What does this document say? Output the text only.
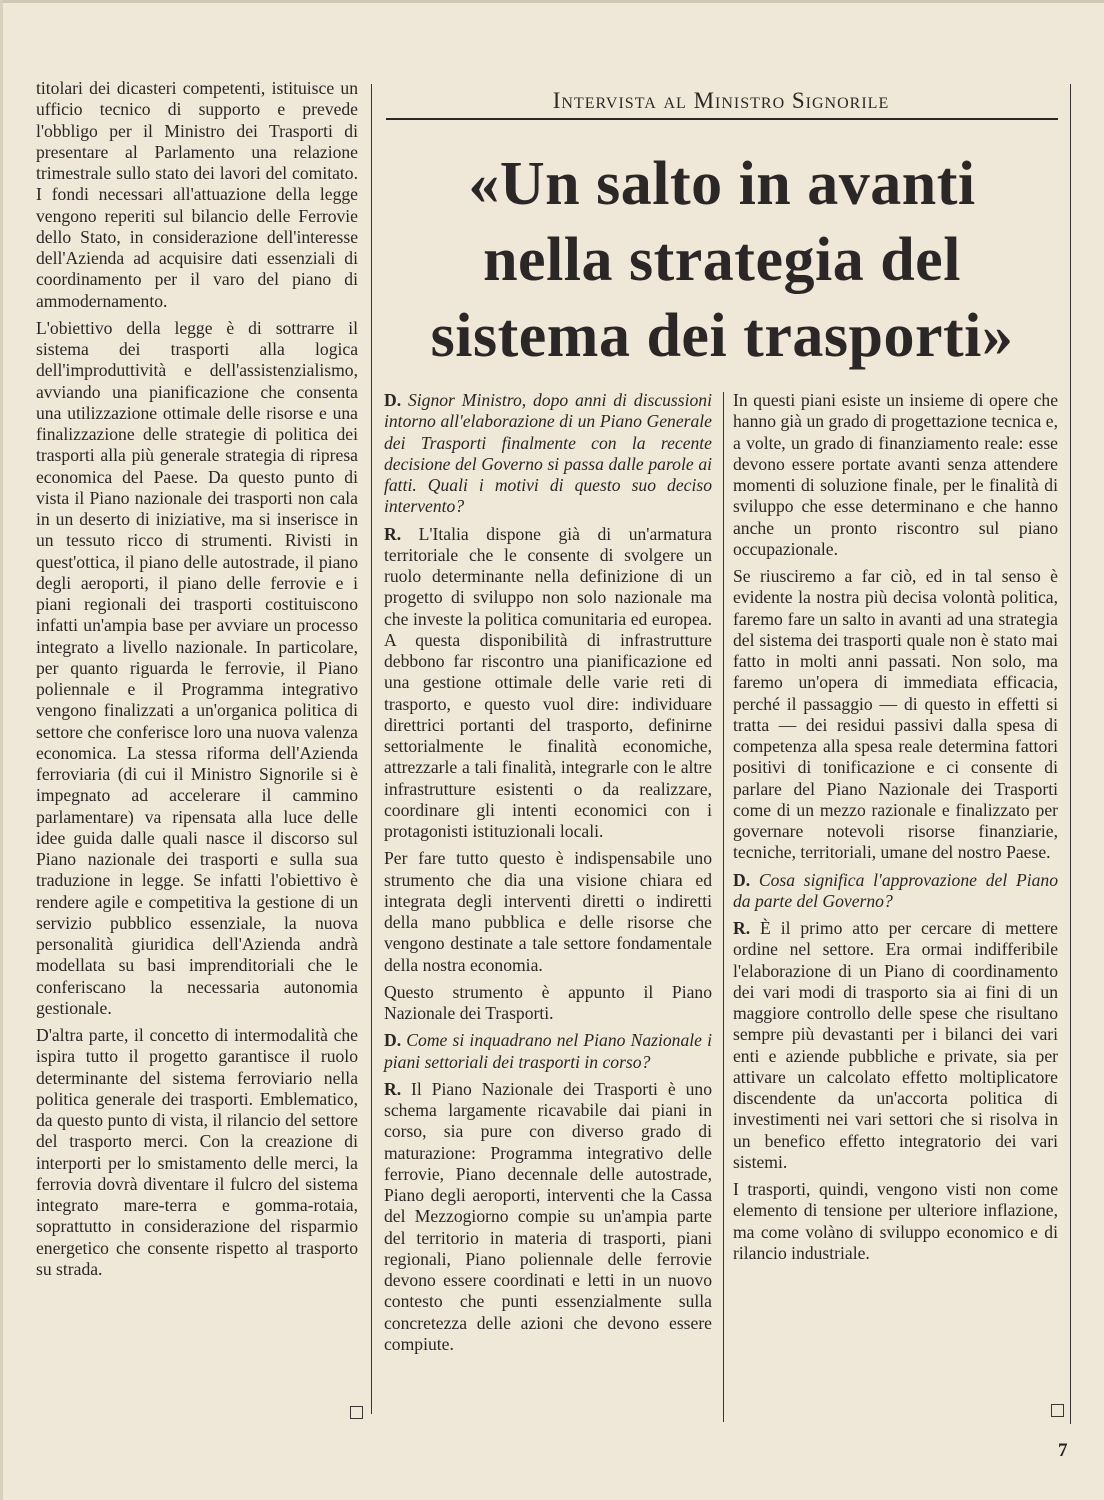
titolari dei dicasteri competenti, istituisce un ufficio tecnico di supporto e prevede l'obbligo per il Ministro dei Trasporti di presentare al Parlamento una relazione trimestrale sullo stato dei lavori del comitato. I fondi necessari all'attuazione della legge vengono reperiti sul bilancio delle Ferrovie dello Stato, in considerazione dell'interesse dell'Azienda ad acquisire dati essenziali di coordinamento per il varo del piano di ammodernamento.

L'obiettivo della legge è di sottrarre il sistema dei trasporti alla logica dell'improduttività e dell'assistenzialismo, avviando una pianificazione che consenta una utilizzazione ottimale delle risorse e una finalizzazione delle strategie di politica dei trasporti alla più generale strategia di ripresa economica del Paese. Da questo punto di vista il Piano nazionale dei trasporti non cala in un deserto di iniziative, ma si inserisce in un tessuto ricco di strumenti. Rivisti in quest'ottica, il piano delle autostrade, il piano degli aeroporti, il piano delle ferrovie e i piani regionali dei trasporti costituiscono infatti un'ampia base per avviare un processo integrato a livello nazionale. In particolare, per quanto riguarda le ferrovie, il Piano poliennale e il Programma integrativo vengono finalizzati a un'organica politica di settore che conferisce loro una nuova valenza economica. La stessa riforma dell'Azienda ferroviaria (di cui il Ministro Signorile si è impegnato ad accelerare il cammino parlamentare) va ripensata alla luce delle idee guida dalle quali nasce il discorso sul Piano nazionale dei trasporti e sulla sua traduzione in legge. Se infatti l'obiettivo è rendere agile e competitiva la gestione di un servizio pubblico essenziale, la nuova personalità giuridica dell'Azienda andrà modellata su basi imprenditoriali che le conferiscano la necessaria autonomia gestionale.

D'altra parte, il concetto di intermodalità che ispira tutto il progetto garantisce il ruolo determinante del sistema ferroviario nella politica generale dei trasporti. Emblematico, da questo punto di vista, il rilancio del settore del trasporto merci. Con la creazione di interporti per lo smistamento delle merci, la ferrovia dovrà diventare il fulcro del sistema integrato mare-terra e gomma-rotaia, soprattutto in considerazione del risparmio energetico che consente rispetto al trasporto su strada.

Intervista al Ministro Signorile
«Un salto in avanti
nella strategia del
sistema dei trasporti»

D. Signor Ministro, dopo anni di discussioni intorno all'elaborazione di un Piano Generale dei Trasporti finalmente con la recente decisione del Governo si passa dalle parole ai fatti. Quali i motivi di questo suo deciso intervento?

R. L'Italia dispone già di un'armatura territoriale che le consente di svolgere un ruolo determinante nella definizione di un progetto di sviluppo non solo nazionale ma che investe la politica comunitaria ed europea. A questa disponibilità di infrastrutture debbono far riscontro una pianificazione ed una gestione ottimale delle varie reti di trasporto, e questo vuol dire: individuare direttrici portanti del trasporto, definirne settorialmente le finalità economiche, attrezzarle a tali finalità, integrarle con le altre infrastrutture esistenti o da realizzare, coordinare gli intenti economici con i protagonisti istituzionali locali.

Per fare tutto questo è indispensabile uno strumento che dia una visione chiara ed integrata degli interventi diretti o indiretti della mano pubblica e delle risorse che vengono destinate a tale settore fondamentale della nostra economia.

Questo strumento è appunto il Piano Nazionale dei Trasporti.

D. Come si inquadrano nel Piano Nazionale i piani settoriali dei trasporti in corso?

R. Il Piano Nazionale dei Trasporti è uno schema largamente ricavabile dai piani in corso, sia pure con diverso grado di maturazione: Programma integrativo delle ferrovie, Piano decennale delle autostrade, Piano degli aeroporti, interventi che la Cassa del Mezzogiorno compie su un'ampia parte del territorio in materia di trasporti, piani regionali, Piano poliennale delle ferrovie devono essere coordinati e letti in un nuovo contesto che punti essenzialmente sulla concretezza delle azioni che devono essere compiute.

In questi piani esiste un insieme di opere che hanno già un grado di progettazione tecnica e, a volte, un grado di finanziamento reale: esse devono essere portate avanti senza attendere momenti di soluzione finale, per le finalità di sviluppo che esse determinano e che hanno anche un pronto riscontro sul piano occupazionale.

Se riusciremo a far ciò, ed in tal senso è evidente la nostra più decisa volontà politica, faremo fare un salto in avanti ad una strategia del sistema dei trasporti quale non è stato mai fatto in molti anni passati. Non solo, ma faremo un'opera di immediata efficacia, perché il passaggio — di questo in effetti si tratta — dei residui passivi dalla spesa di competenza alla spesa reale determina fattori positivi di tonificazione e ci consente di parlare del Piano Nazionale dei Trasporti come di un mezzo razionale e finalizzato per governare notevoli risorse finanziarie, tecniche, territoriali, umane del nostro Paese.

D. Cosa significa l'approvazione del Piano da parte del Governo?

R. È il primo atto per cercare di mettere ordine nel settore. Era ormai indifferibile l'elaborazione di un Piano di coordinamento dei vari modi di trasporto sia ai fini di un maggiore controllo delle spese che risultano sempre più devastanti per i bilanci dei vari enti e aziende pubbliche e private, sia per attivare un calcolato effetto moltiplicatore discendente da un'accorta politica di investimenti nei vari settori che si risolva in un benefico effetto integratorio dei vari sistemi.

I trasporti, quindi, vengono visti non come elemento di tensione per ulteriore inflazione, ma come volàno di sviluppo economico e di rilancio industriale.

7
